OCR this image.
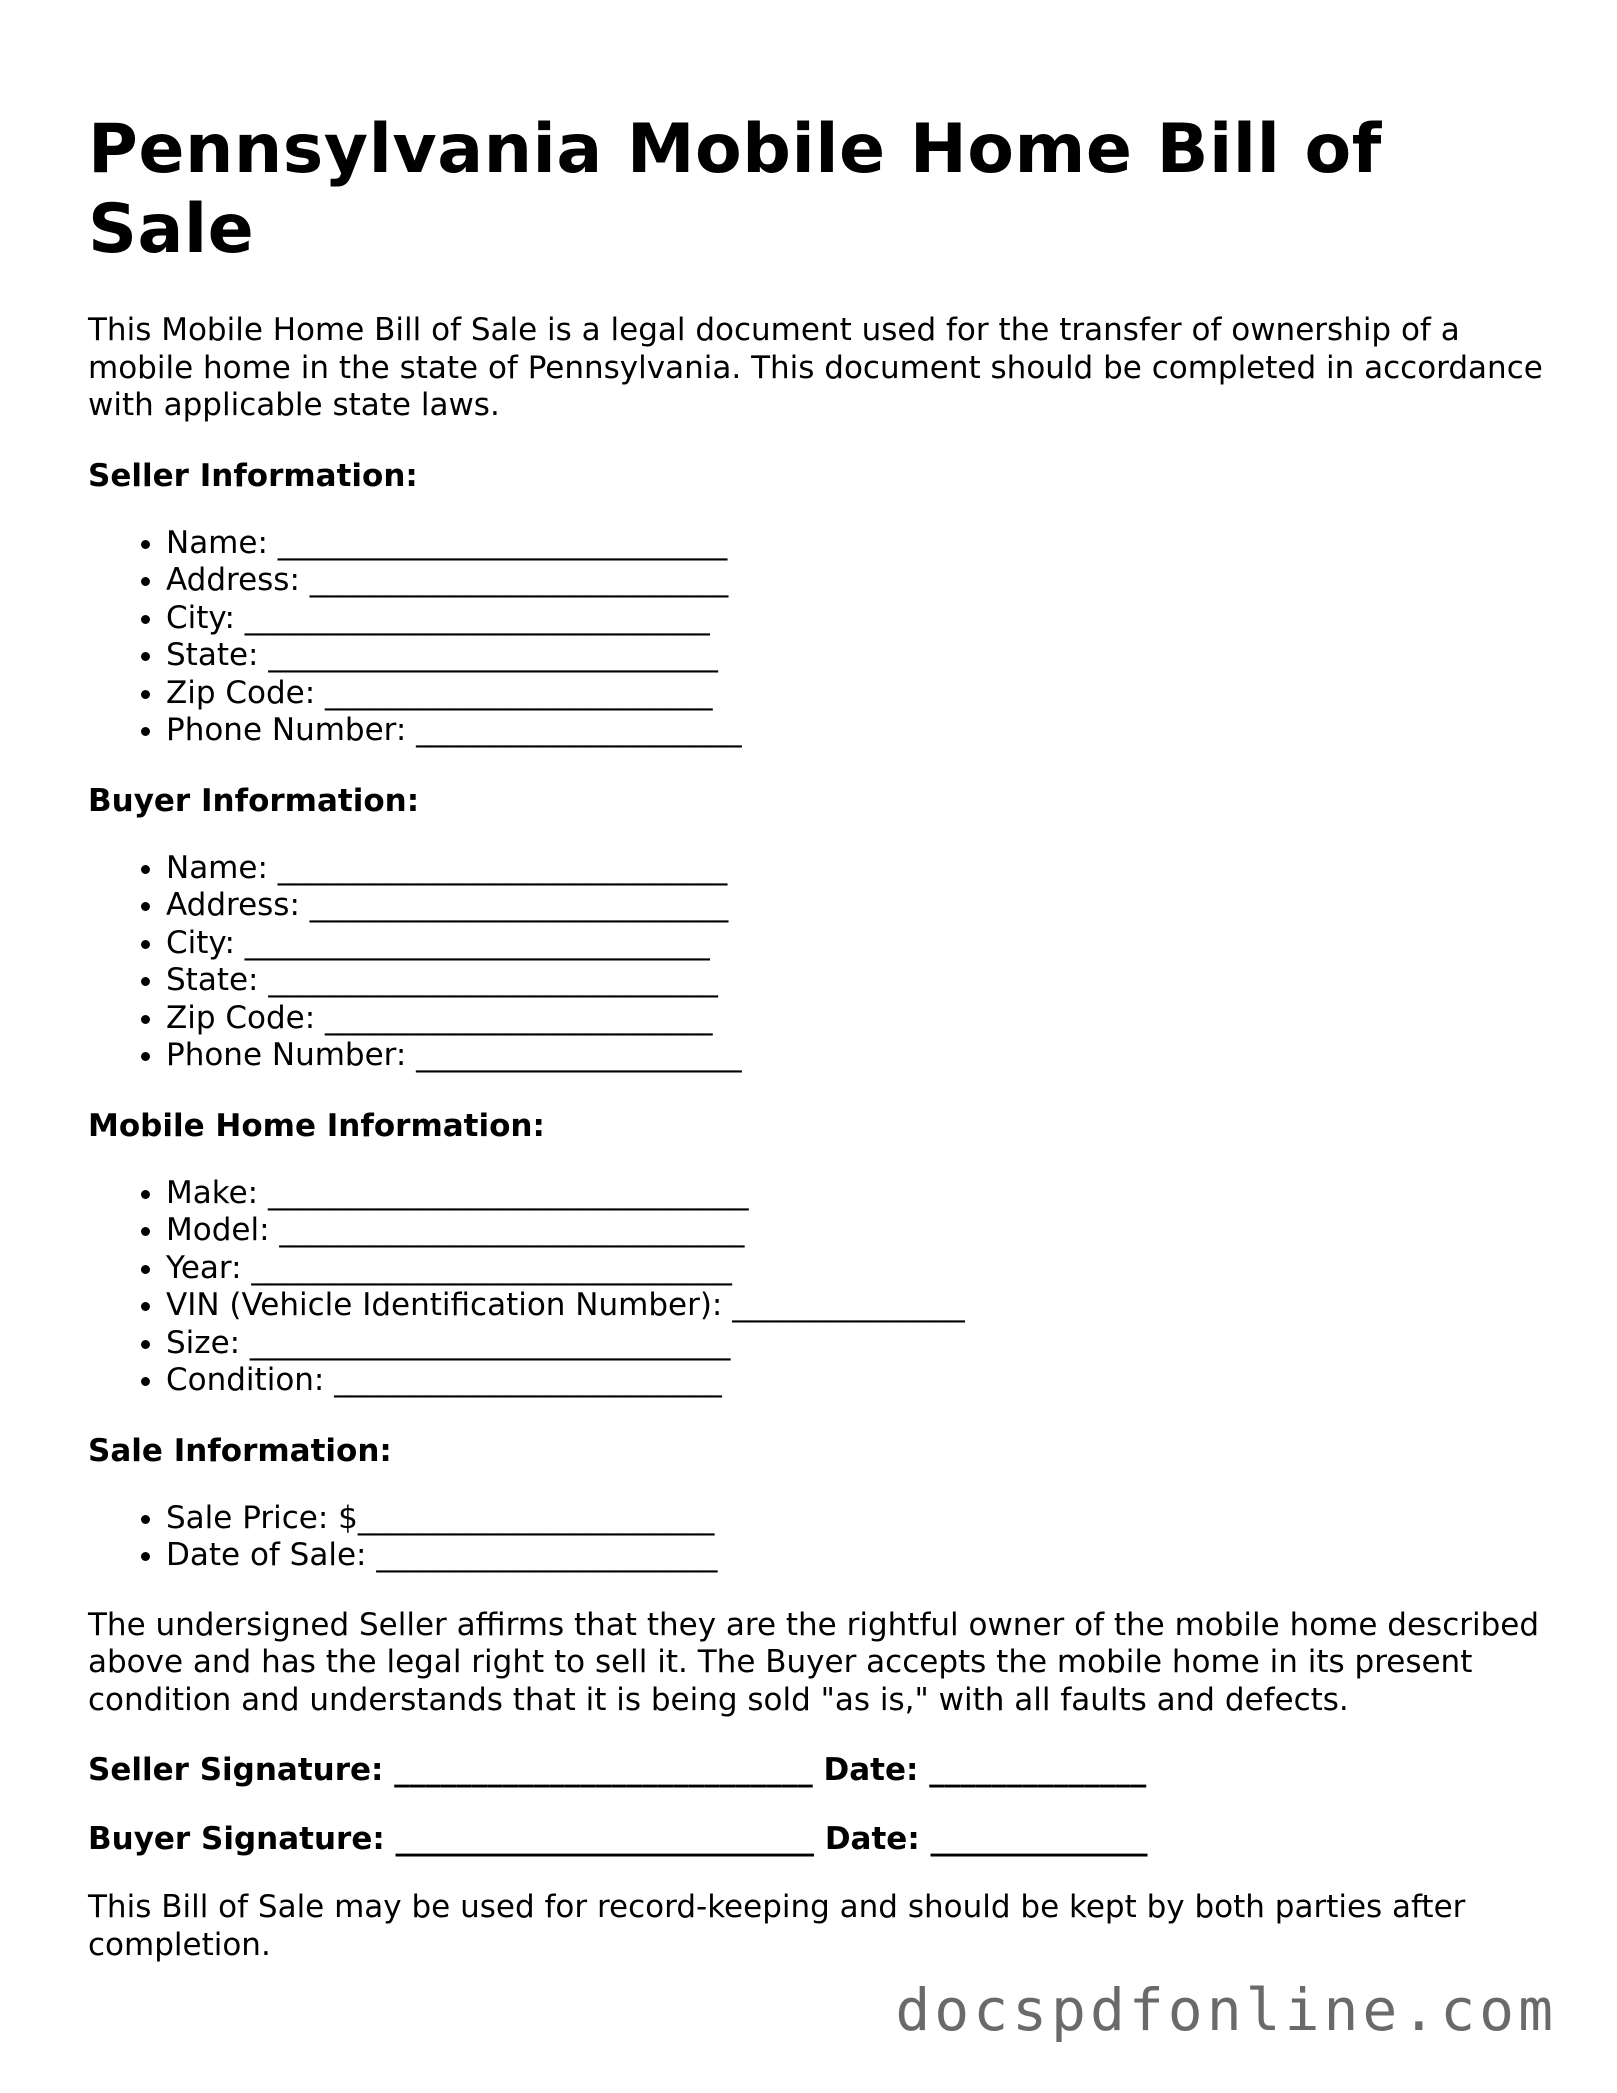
Pennsylvania Mobile Home Bill of Sale

This Mobile Home Bill of Sale is a legal document used for the transfer of ownership of a mobile home in the state of Pennsylvania. This document should be completed in accordance with applicable state laws.

Seller Information:
• Name: _____________________________
• Address: ___________________________
• City: ______________________________
• State: _____________________________
• Zip Code: _________________________
• Phone Number: _____________________
Buyer Information:
• Name: _____________________________
• Address: ___________________________
• City: ______________________________
• State: _____________________________
• Zip Code: _________________________
• Phone Number: _____________________
Mobile Home Information:
• Make: _______________________________
• Model: ______________________________
• Year: _______________________________
• VIN (Vehicle Identification Number): _______________
• Size: _______________________________
• Condition: _________________________
Sale Information:
• Sale Price: $_______________________
• Date of Sale: ______________________

The undersigned Seller affirms that they are the rightful owner of the mobile home described above and has the legal right to sell it. The Buyer accepts the mobile home in its present condition and understands that it is being sold "as is," with all faults and defects.

Seller Signature: ___________________________ Date: ______________
Buyer Signature: ___________________________ Date: ______________

This Bill of Sale may be used for record-keeping and should be kept by both parties after completion.

docspdfonline.com
